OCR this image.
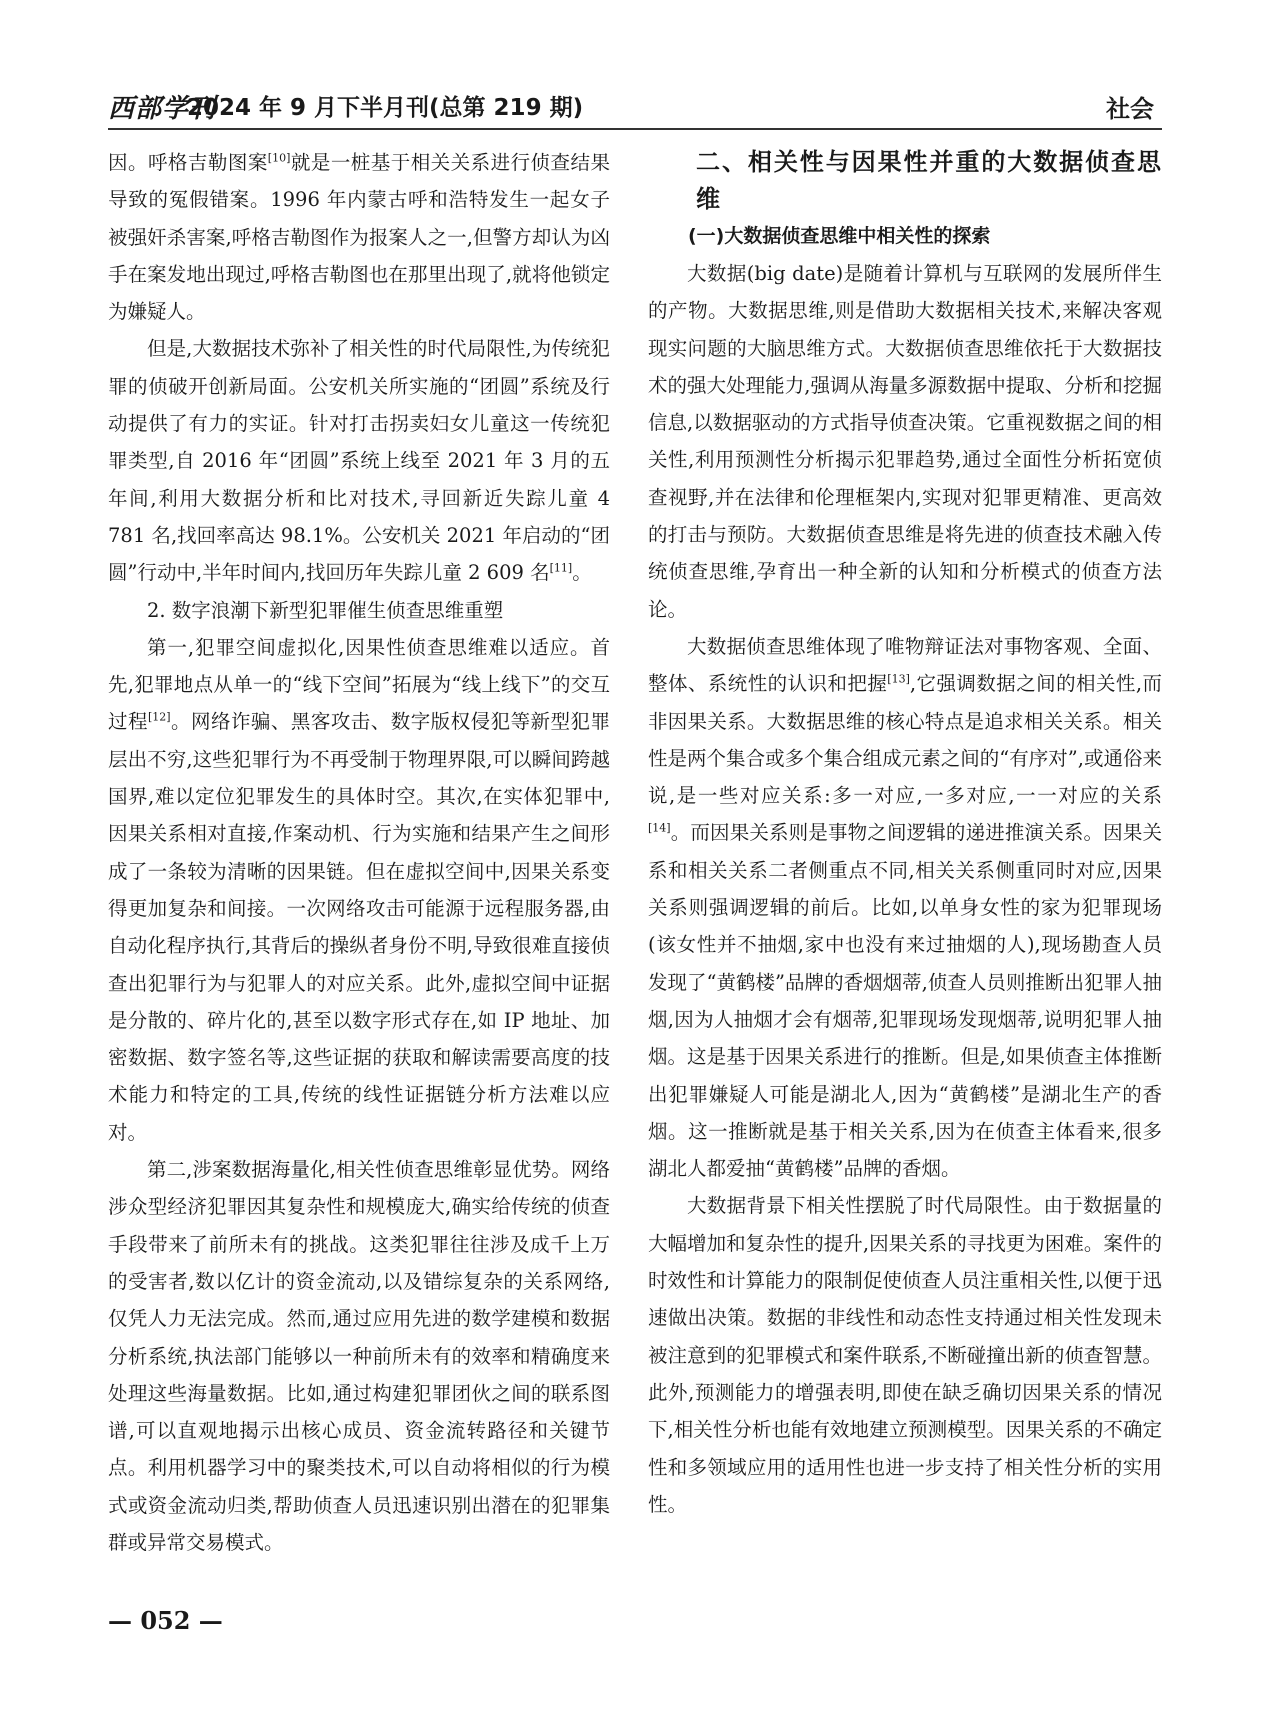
西部学刊
2024 年 9 月下半月刊(总第 219 期)	社会

因。呼格吉勒图案[10]就是一桩基于相关关系进行侦查结果导致的冤假错案。1996 年内蒙古呼和浩特发生一起女子被强奸杀害案,呼格吉勒图作为报案人之一,但警方却认为凶手在案发地出现过,呼格吉勒图也在那里出现了,就将他锁定为嫌疑人。

但是,大数据技术弥补了相关性的时代局限性,为传统犯罪的侦破开创新局面。公安机关所实施的“团圆”系统及行动提供了有力的实证。针对打击拐卖妇女儿童这一传统犯罪类型,自 2016 年“团圆”系统上线至 2021 年 3 月的五年间,利用大数据分析和比对技术,寻回新近失踪儿童 4 781 名,找回率高达 98.1%。公安机关 2021 年启动的“团圆”行动中,半年时间内,找回历年失踪儿童 2 609 名[11]。

2. 数字浪潮下新型犯罪催生侦查思维重塑

第一,犯罪空间虚拟化,因果性侦查思维难以适应。首先,犯罪地点从单一的“线下空间”拓展为“线上线下”的交互过程[12]。网络诈骗、黑客攻击、数字版权侵犯等新型犯罪层出不穷,这些犯罪行为不再受制于物理界限,可以瞬间跨越国界,难以定位犯罪发生的具体时空。其次,在实体犯罪中,因果关系相对直接,作案动机、行为实施和结果产生之间形成了一条较为清晰的因果链。但在虚拟空间中,因果关系变得更加复杂和间接。一次网络攻击可能源于远程服务器,由自动化程序执行,其背后的操纵者身份不明,导致很难直接侦查出犯罪行为与犯罪人的对应关系。此外,虚拟空间中证据是分散的、碎片化的,甚至以数字形式存在,如 IP 地址、加密数据、数字签名等,这些证据的获取和解读需要高度的技术能力和特定的工具,传统的线性证据链分析方法难以应对。

第二,涉案数据海量化,相关性侦查思维彰显优势。网络涉众型经济犯罪因其复杂性和规模庞大,确实给传统的侦查手段带来了前所未有的挑战。这类犯罪往往涉及成千上万的受害者,数以亿计的资金流动,以及错综复杂的关系网络,仅凭人力无法完成。然而,通过应用先进的数学建模和数据分析系统,执法部门能够以一种前所未有的效率和精确度来处理这些海量数据。比如,通过构建犯罪团伙之间的联系图谱,可以直观地揭示出核心成员、资金流转路径和关键节点。利用机器学习中的聚类技术,可以自动将相似的行为模式或资金流动归类,帮助侦查人员迅速识别出潜在的犯罪集群或异常交易模式。

二、相关性与因果性并重的大数据侦查思维
(一)大数据侦查思维中相关性的探索

大数据(big date)是随着计算机与互联网的发展所伴生的产物。大数据思维,则是借助大数据相关技术,来解决客观现实问题的大脑思维方式。大数据侦查思维依托于大数据技术的强大处理能力,强调从海量多源数据中提取、分析和挖掘信息,以数据驱动的方式指导侦查决策。它重视数据之间的相关性,利用预测性分析揭示犯罪趋势,通过全面性分析拓宽侦查视野,并在法律和伦理框架内,实现对犯罪更精准、更高效的打击与预防。大数据侦查思维是将先进的侦查技术融入传统侦查思维,孕育出一种全新的认知和分析模式的侦查方法论。

大数据侦查思维体现了唯物辩证法对事物客观、全面、整体、系统性的认识和把握[13],它强调数据之间的相关性,而非因果关系。大数据思维的核心特点是追求相关关系。相关性是两个集合或多个集合组成元素之间的“有序对”,或通俗来说,是一些对应关系:多一对应,一多对应,一一对应的关系[14]。而因果关系则是事物之间逻辑的递进推演关系。因果关系和相关关系二者侧重点不同,相关关系侧重同时对应,因果关系则强调逻辑的前后。比如,以单身女性的家为犯罪现场(该女性并不抽烟,家中也没有来过抽烟的人),现场勘查人员发现了“黄鹤楼”品牌的香烟烟蒂,侦查人员则推断出犯罪人抽烟,因为人抽烟才会有烟蒂,犯罪现场发现烟蒂,说明犯罪人抽烟。这是基于因果关系进行的推断。但是,如果侦查主体推断出犯罪嫌疑人可能是湖北人,因为“黄鹤楼”是湖北生产的香烟。这一推断就是基于相关关系,因为在侦查主体看来,很多湖北人都爱抽“黄鹤楼”品牌的香烟。

大数据背景下相关性摆脱了时代局限性。由于数据量的大幅增加和复杂性的提升,因果关系的寻找更为困难。案件的时效性和计算能力的限制促使侦查人员注重相关性,以便于迅速做出决策。数据的非线性和动态性支持通过相关性发现未被注意到的犯罪模式和案件联系,不断碰撞出新的侦查智慧。此外,预测能力的增强表明,即使在缺乏确切因果关系的情况下,相关性分析也能有效地建立预测模型。因果关系的不确定性和多领域应用的适用性也进一步支持了相关性分析的实用性。

— 052 —
